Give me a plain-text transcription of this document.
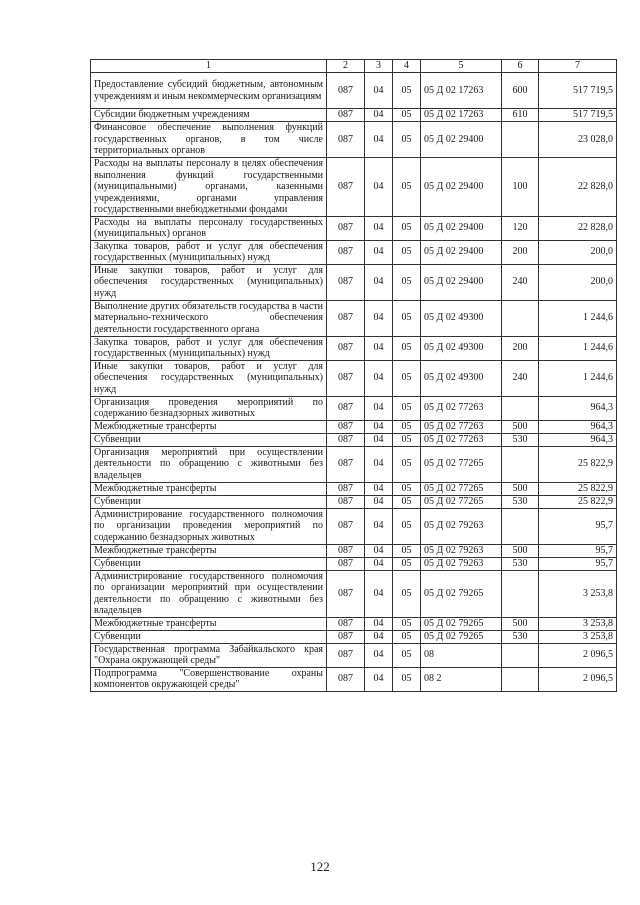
1	2	3	4	5	6	7
Предоставление субсидий бюджетным, автономным учреждениям и иным некоммерческим организациям	087	04	05	05 Д 02 17263	600	517 719,5
Субсидии бюджетным учреждениям	087	04	05	05 Д 02 17263	610	517 719,5
Финансовое обеспечение выполнения функций государственных органов, в том числе территориальных органов	087	04	05	05 Д 02 29400		23 028,0
Расходы на выплаты персоналу в целях обеспечения выполнения функций государственными (муниципальными) органами, казенными учреждениями, органами управления государственными внебюджетными фондами	087	04	05	05 Д 02 29400	100	22 828,0
Расходы на выплаты персоналу государственных (муниципальных) органов	087	04	05	05 Д 02 29400	120	22 828,0
Закупка товаров, работ и услуг для обеспечения государственных (муниципальных) нужд	087	04	05	05 Д 02 29400	200	200,0
Иные закупки товаров, работ и услуг для обеспечения государственных (муниципальных) нужд	087	04	05	05 Д 02 29400	240	200,0
Выполнение других обязательств государства в части материально-технического обеспечения деятельности государственного органа	087	04	05	05 Д 02 49300		1 244,6
Закупка товаров, работ и услуг для обеспечения государственных (муниципальных) нужд	087	04	05	05 Д 02 49300	200	1 244,6
Иные закупки товаров, работ и услуг для обеспечения государственных (муниципальных) нужд	087	04	05	05 Д 02 49300	240	1 244,6
Организация проведения мероприятий по содержанию безнадзорных животных	087	04	05	05 Д 02 77263		964,3
Межбюджетные трансферты	087	04	05	05 Д 02 77263	500	964,3
Субвенции	087	04	05	05 Д 02 77263	530	964,3
Организация мероприятий при осуществлении деятельности по обращению с животными без владельцев	087	04	05	05 Д 02 77265		25 822,9
Межбюджетные трансферты	087	04	05	05 Д 02 77265	500	25 822,9
Субвенции	087	04	05	05 Д 02 77265	530	25 822,9
Администрирование государственного полномочия по организации проведения мероприятий по содержанию безнадзорных животных	087	04	05	05 Д 02 79263		95,7
Межбюджетные трансферты	087	04	05	05 Д 02 79263	500	95,7
Субвенции	087	04	05	05 Д 02 79263	530	95,7
Администрирование государственного полномочия по организации мероприятий при осуществлении деятельности по обращению с животными без владельцев	087	04	05	05 Д 02 79265		3 253,8
Межбюджетные трансферты	087	04	05	05 Д 02 79265	500	3 253,8
Субвенции	087	04	05	05 Д 02 79265	530	3 253,8
Государственная программа Забайкальского края "Охрана окружающей среды"	087	04	05	08		2 096,5
Подпрограмма "Совершенствование охраны компонентов окружающей среды"	087	04	05	08 2		2 096,5
122
